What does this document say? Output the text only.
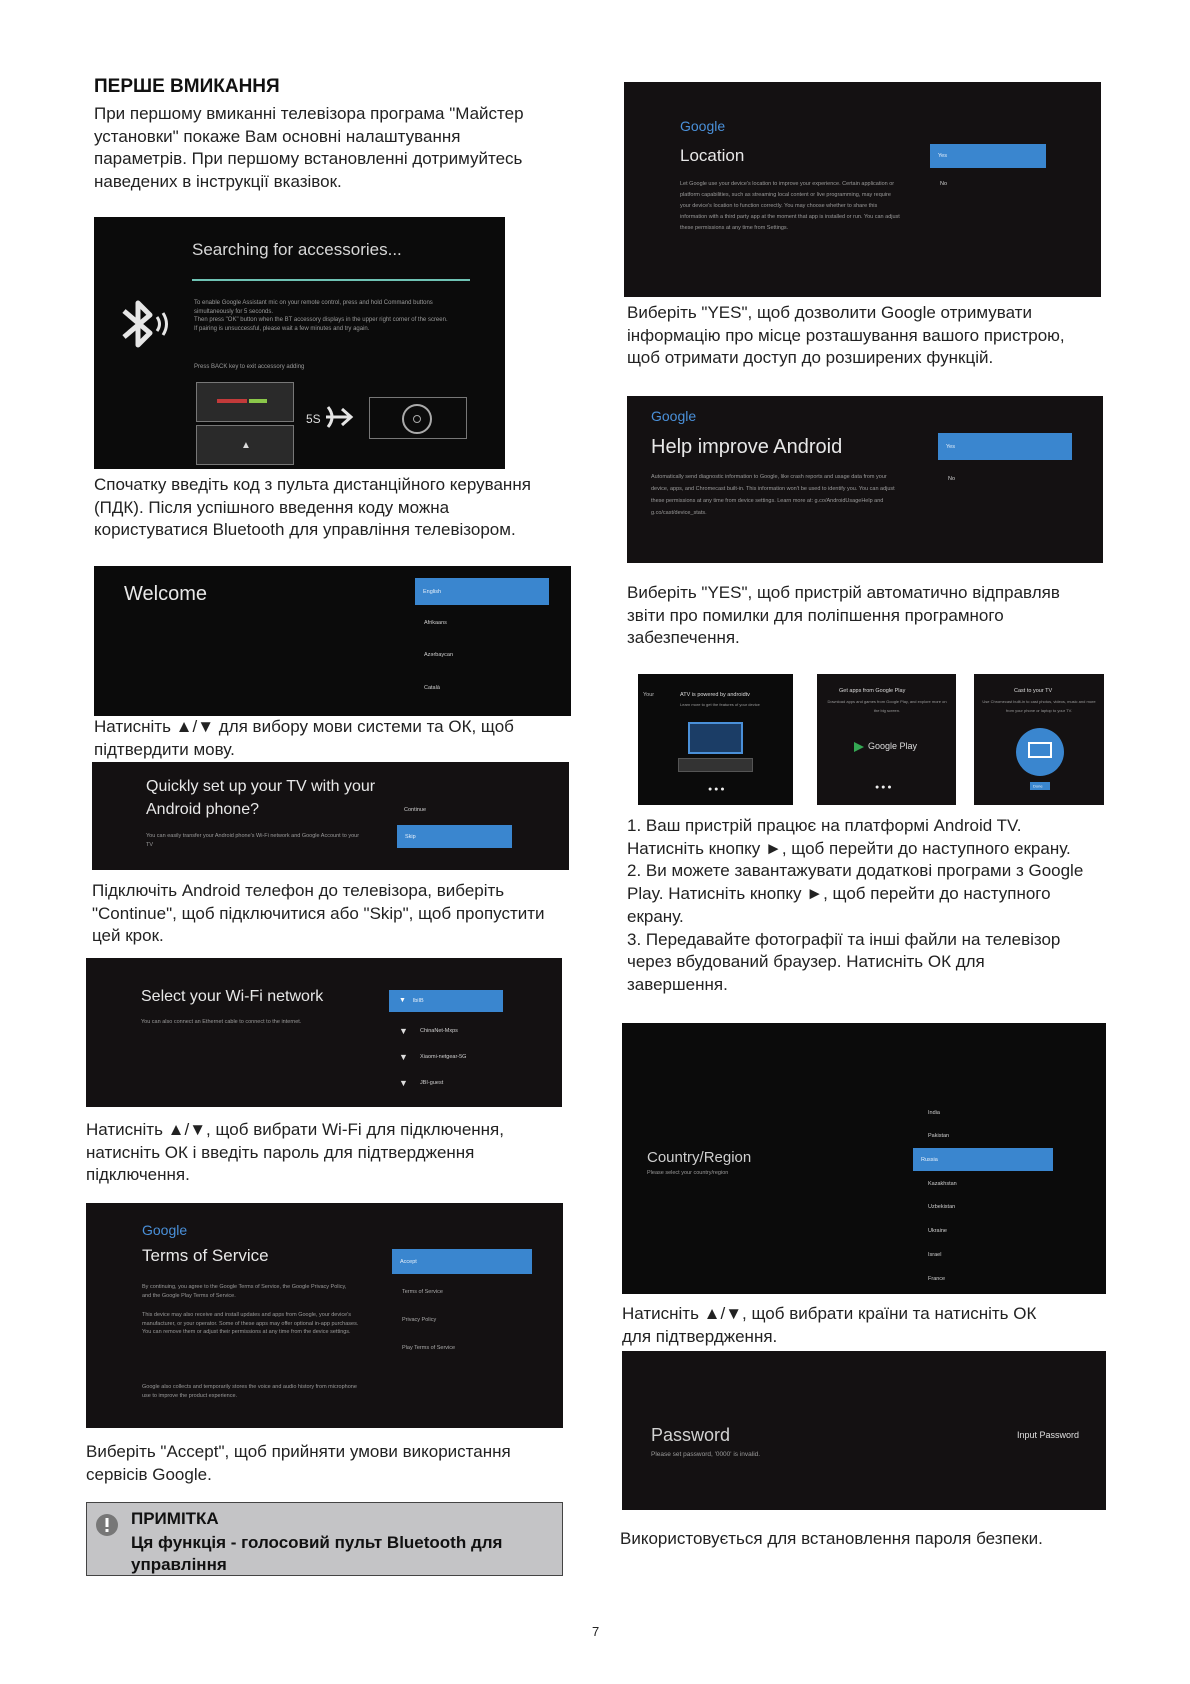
ПЕРШЕ ВМИКАННЯ
При першому вмиканні телевізора програма "Майстер установки" покаже Вам основні налаштування параметрів. При першому встановленні дотримуйтесь наведених в інструкції вказівок.
Searching for accessories...
To enable Google Assistant mic on your remote control, press and hold Command buttons simultaneously for 5 seconds.
Then press "OK" button when the BT accessory displays in the upper right corner of the screen.
If pairing is unsuccessful, please wait a few minutes and try again.
Press BACK key to exit accessory adding
▲
5S
Спочатку введіть код з пульта дистанційного керування (ПДК). Після успішного введення коду можна користуватися Bluetooth для управління телевізором.
Welcome	English
Afrikaans
Azərbaycan
Català
Натисніть ▲/▼ для вибору мови системи та ОК, щоб підтвердити мову.
Quickly set up your TV with your Android phone?
You can easily transfer your Android phone's Wi-Fi network and Google Account to your TV
Continue
Skip
Підключіть Android телефон до телевізора, виберіть "Continue", щоб підключитися або "Skip", щоб пропустити цей крок.
Select your Wi-Fi network
You can also connect an Ethernet cable to connect to the internet.
lbiIB
▼
▼ ChinaNet-Mxps
▼ Xiaomi-netgear-5G
▼ JBI-guest
Натисніть ▲/▼, щоб вибрати Wi-Fi для підключення, натисніть ОК і введіть пароль для підтвердження підключення.
Google
Terms of Service
By continuing, you agree to the Google Terms of Service, the Google Privacy Policy, and the Google Play Terms of Service.
This device may also receive and install updates and apps from Google, your device's manufacturer, or your operator. Some of these apps may offer optional in-app purchases. You can remove them or adjust their permissions at any time from the device settings.
Google also collects and temporarily stores the voice and audio history from microphone use to improve the product experience.
Accept
Terms of Service
Privacy Policy
Play Terms of Service
Виберіть "Accept", щоб прийняти умови використання сервісів Google.
ПРИМІТКА
Ця функція - голосовий пульт Bluetooth для управління
Google
Location
Let Google use your device's location to improve your experience. Certain application or platform capabilities, such as streaming local content or live programming, may require your device's location to function correctly. You may choose whether to share this information with a third party app at the moment that app is installed or run. You can adjust these permissions at any time from Settings.
Yes
No
Виберіть "YES", щоб дозволити Google отримувати інформацію про місце розташування вашого пристрою, щоб отримати доступ до розширених функцій.
Google
Help improve Android
Automatically send diagnostic information to Google, like crash reports and usage data from your device, apps, and Chromecast built-in. This information won't be used to identify you. You can adjust these permissions at any time from device settings. Learn more at: g.co/AndroidUsageHelp and g.co/cast/device_stats.
Yes
No
Виберіть "YES", щоб пристрій автоматично відправляв звіти про помилки для поліпшення програмного забезпечення.
Your	ATV is powered by androidtv
Learn more to get the features of your device
● ● ●
Get apps from Google Play
Download apps and games from Google Play, and explore more on the big screen.
Google Play
● ● ●
Cast to your TV
Use Chromecast built-in to cast photos, videos, music and more from your phone or laptop to your TV.
Done
1. Ваш пристрій працює на платформі Android TV. Натисніть кнопку ►, щоб перейти до наступного екрану.
2. Ви можете завантажувати додаткові програми з Google Play. Натисніть кнопку ►, щоб перейти до наступного екрану.
3. Передавайте фотографії та інші файли на телевізор через вбудований браузер. Натисніть ОК для завершення.
Country/Region
Please select your country/region
India
Pakistan
Russia
Kazakhstan
Uzbekistan
Ukraine
Israel
France
Натисніть ▲/▼, щоб вибрати країни та натисніть ОК для підтвердження.
Password
Please set password, '0000' is invalid.
Input Password
Використовується для встановлення пароля безпеки.
7
